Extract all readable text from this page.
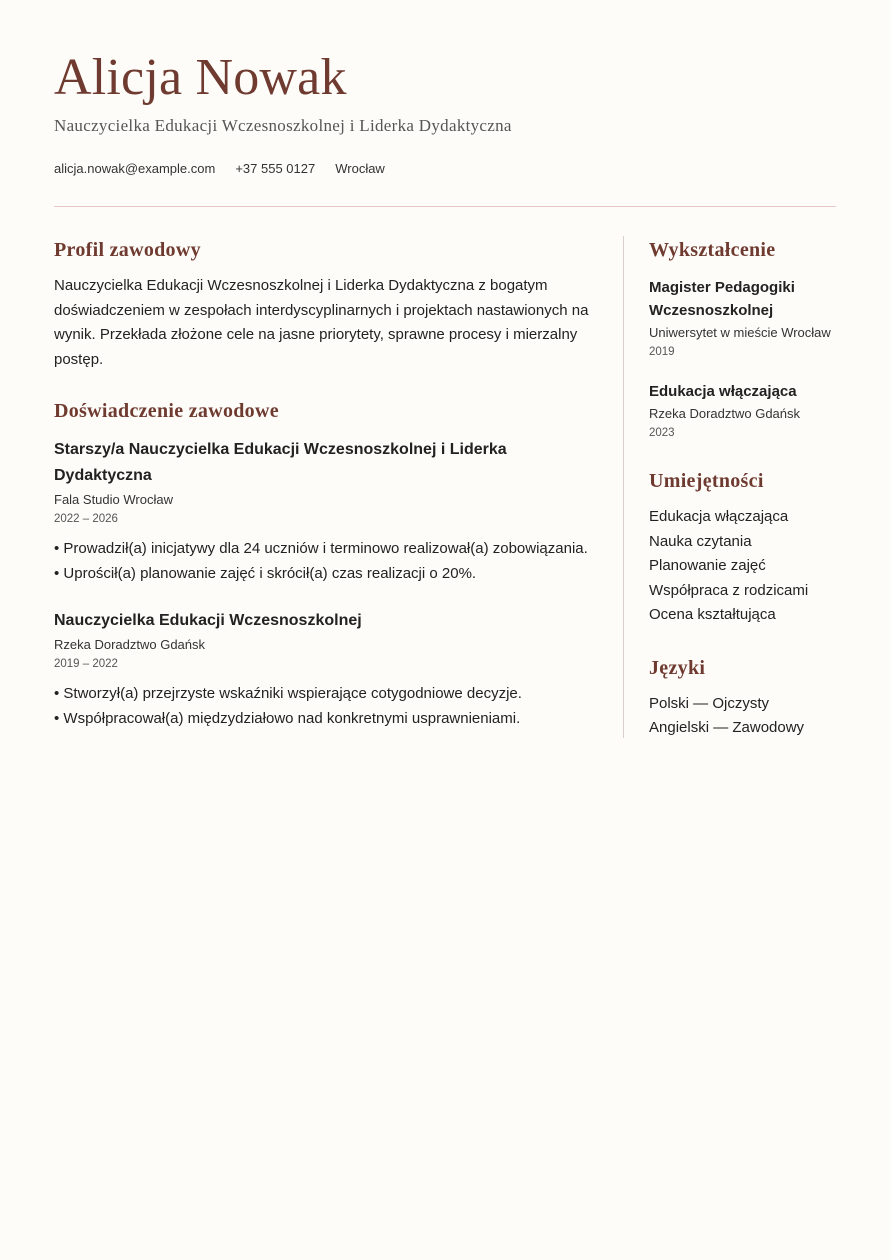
Alicja Nowak
Nauczycielka Edukacji Wczesnoszkolnej i Liderka Dydaktyczna
alicja.nowak@example.com +37 555 0127 Wrocław
Profil zawodowy

Nauczycielka Edukacji Wczesnoszkolnej i Liderka Dydaktyczna z bogatym doświadczeniem w zespołach interdyscyplinarnych i projektach nastawionych na wynik. Przekłada złożone cele na jasne priorytety, sprawne procesy i mierzalny postęp.

Doświadczenie zawodowe
Starszy/a Nauczycielka Edukacji Wczesnoszkolnej i Liderka Dydaktyczna
Fala Studio Wrocław
2022 – 2026
• Prowadził(a) inicjatywy dla 24 uczniów i terminowo realizował(a) zobowiązania.
• Uprościł(a) planowanie zajęć i skrócił(a) czas realizacji o 20%.
Nauczycielka Edukacji Wczesnoszkolnej
Rzeka Doradztwo Gdańsk
2019 – 2022
• Stworzył(a) przejrzyste wskaźniki wspierające cotygodniowe decyzje.
• Współpracował(a) międzydziałowo nad konkretnymi usprawnieniami.
Wykształcenie
Magister Pedagogiki Wczesnoszkolnej
Uniwersytet w mieście Wrocław
2019
Edukacja włączająca
Rzeka Doradztwo Gdańsk
2023
Umiejętności
Edukacja włączająca
Nauka czytania
Planowanie zajęć
Współpraca z rodzicami
Ocena kształtująca
Języki
Polski — Ojczysty
Angielski — Zawodowy
